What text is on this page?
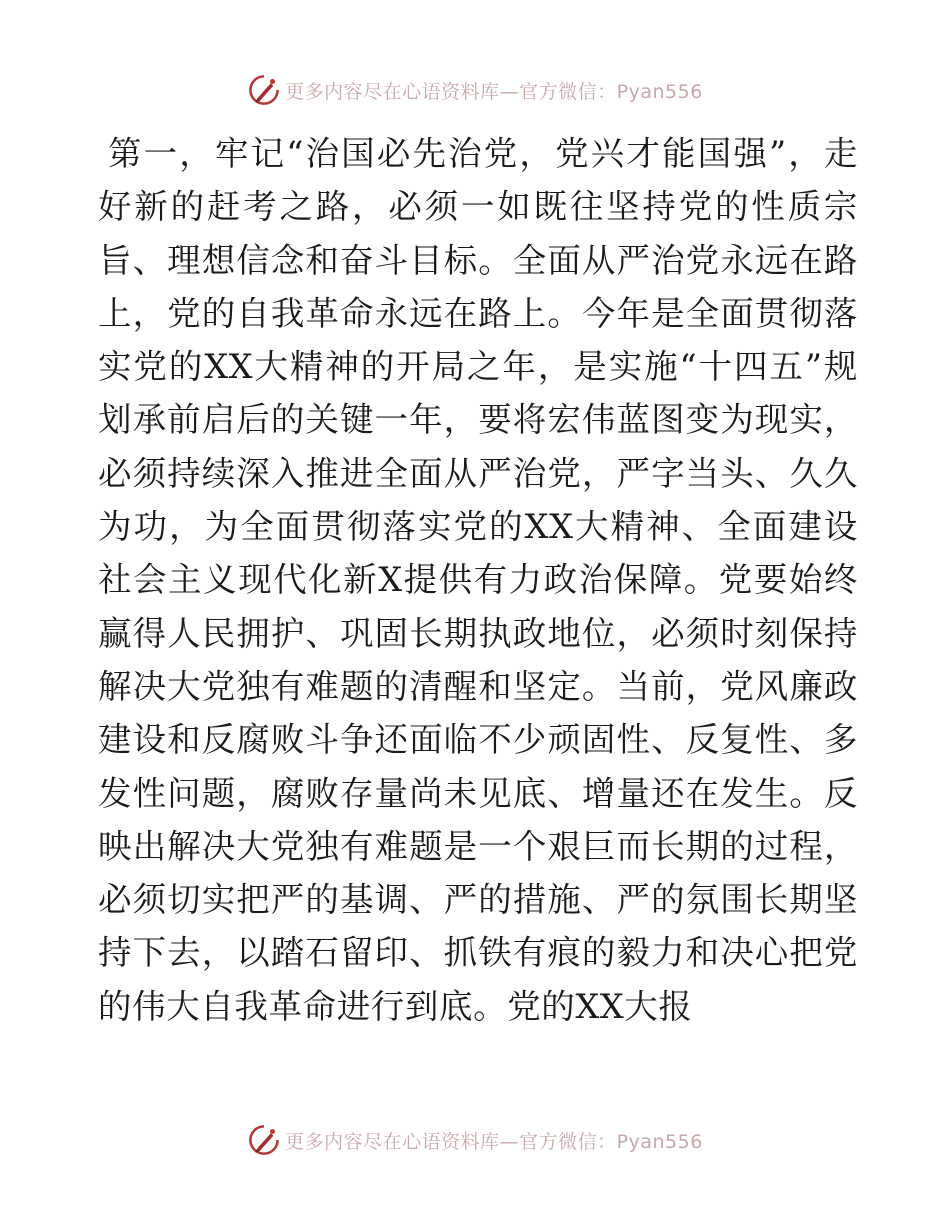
更多内容尽在心语资料库—官方微信：Pyan556

第一，牢记“治国必先治党，党兴才能国强”，走好新的赶考之路，必须一如既往坚持党的性质宗旨、理想信念和奋斗目标。全面从严治党永远在路上，党的自我革命永远在路上。今年是全面贯彻落实党的XX大精神的开局之年，是实施“十四五”规划承前启后的关键一年，要将宏伟蓝图变为现实，必须持续深入推进全面从严治党，严字当头、久久为功，为全面贯彻落实党的XX大精神、全面建设社会主义现代化新X提供有力政治保障。党要始终赢得人民拥护、巩固长期执政地位，必须时刻保持解决大党独有难题的清醒和坚定。当前，党风廉政建设和反腐败斗争还面临不少顽固性、反复性、多发性问题，腐败存量尚未见底、增量还在发生。反映出解决大党独有难题是一个艰巨而长期的过程，必须切实把严的基调、严的措施、严的氛围长期坚持下去，以踏石留印、抓铁有痕的毅力和决心把党的伟大自我革命进行到底。党的XX大报

更多内容尽在心语资料库—官方微信：Pyan556
